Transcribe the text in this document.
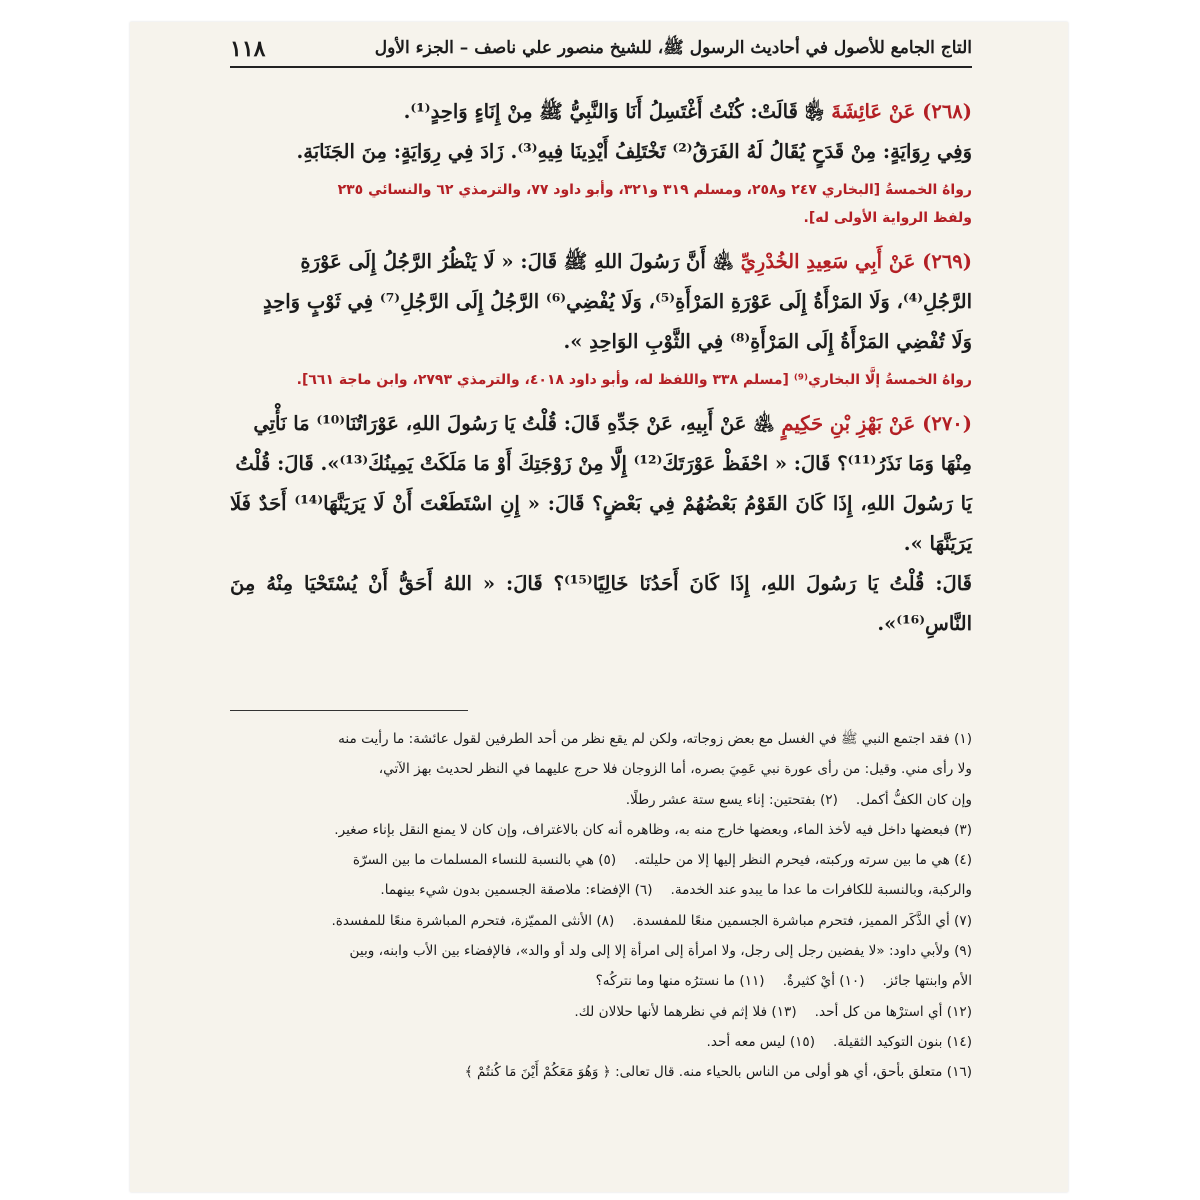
التاج الجامع للأصول في أحاديث الرسول ﷺ، للشيخ منصور علي ناصف – الجزء الأول
١١٨

(٢٦٨) عَنْ عَائِشَةَ ﵂ قَالَتْ: كُنْتُ أَغْتَسِلُ أَنَا وَالنَّبِيُّ ﷺ مِنْ إِنَاءٍ وَاحِدٍ⁽¹⁾.

وَفِي رِوَايَةٍ: مِنْ قَدَحٍ يُقَالُ لَهُ الفَرَقُ⁽²⁾ تَخْتَلِفُ أَيْدِينَا فِيهِ⁽³⁾. زَادَ فِي رِوَايَةٍ: مِنَ الجَنَابَةِ.

رواهُ الخمسةُ [البخاري ٢٤٧ و٢٥٨، ومسلم ٣١٩ و٣٢١، وأبو داود ٧٧، والترمذي ٦٢ والنسائي ٢٣٥
ولفظ الرواية الأولى له].

(٢٦٩) عَنْ أَبِي سَعِيدِ الخُدْرِيِّ ﵁ أَنَّ رَسُولَ اللهِ ﷺ قَالَ: « لَا يَنْظُرُ الرَّجُلُ إِلَى عَوْرَةِ

الرَّجُلِ⁽⁴⁾، وَلَا المَرْأَةُ إِلَى عَوْرَةِ المَرْأَةِ⁽⁵⁾، وَلَا يُفْضِي⁽⁶⁾ الرَّجُلُ إِلَى الرَّجُلِ⁽⁷⁾ فِي ثَوْبٍ وَاحِدٍ

وَلَا تُفْضِي المَرْأَةُ إِلَى المَرْأَةِ⁽⁸⁾ فِي الثَّوْبِ الوَاحِدِ ».

رواهُ الخمسةُ إلَّا البخاري⁽⁹⁾ [مسلم ٣٣٨ واللفظ له، وأبو داود ٤٠١٨، والترمذي ٢٧٩٣، وابن ماجة ٦٦١].

(٢٧٠) عَنْ بَهْزِ بْنِ حَكِيمٍ ﵁ عَنْ أَبِيهِ، عَنْ جَدِّهِ قَالَ: قُلْتُ يَا رَسُولَ اللهِ، عَوْرَاتُنَا⁽¹⁰⁾ مَا نَأْتِي

مِنْهَا وَمَا نَذَرُ⁽¹¹⁾؟ قَالَ: « احْفَظْ عَوْرَتَكَ⁽¹²⁾ إِلَّا مِنْ زَوْجَتِكَ أَوْ مَا مَلَكَتْ يَمِينُكَ⁽¹³⁾». قَالَ: قُلْتُ

يَا رَسُولَ اللهِ، إِذَا كَانَ القَوْمُ بَعْضُهُمْ فِي بَعْضٍ؟ قَالَ: « إِنِ اسْتَطَعْتَ أَنْ لَا يَرَيَنَّهَا⁽¹⁴⁾ أَحَدٌ فَلَا يَرَيَنَّهَا ».

قَالَ: قُلْتُ يَا رَسُولَ اللهِ، إِذَا كَانَ أَحَدُنَا خَالِيًا⁽¹⁵⁾؟ قَالَ: « اللهُ أَحَقُّ أَنْ يُسْتَحْيَا مِنْهُ مِنَ النَّاسِ⁽¹⁶⁾».

(١) فقد اجتمع النبي ﷺ في الغسل مع بعض زوجاته، ولكن لم يقع نظر من أحد الطرفين لقول عائشة: ما رأيت منه
ولا رأى مني. وقيل: من رأى عورة نبي عَمِيَ بصره، أما الزوجان فلا حرج عليهما في النظر لحديث بهز الآتي،
وإن كان الكفُّ أكمل.(٢) بفتحتين: إناء يسع ستة عشر رطلًا.
(٣) فبعضها داخل فيه لأخذ الماء، وبعضها خارج منه به، وظاهره أنه كان بالاغتراف، وإن كان لا يمنع النقل بإناء صغير.
(٤) هي ما بين سرته وركبته، فيحرم النظر إليها إلا من حليلته.(٥) هي بالنسبة للنساء المسلمات ما بين السرّة
والركبة، وبالنسبة للكافرات ما عدا ما يبدو عند الخدمة.(٦) الإفضاء: ملاصقة الجسمين بدون شيء بينهما.
(٧) أي الذَّكَر المميز، فتحرم مباشرة الجسمين منعًا للمفسدة.(٨) الأنثى المميّزة، فتحرم المباشرة منعًا للمفسدة.
(٩) ولأبي داود: «لا يفضين رجل إلى رجل، ولا امرأة إلى امرأة إلا إلى ولد أو والد»، فالإفضاء بين الأب وابنه، وبين
الأم وابنتها جائز.(١٠) أيْ كثيرةٌ.(١١) ما نسترُه منها وما نتركُه؟
(١٢) أي استرْها من كل أحد.(١٣) فلا إثم في نظرهما لأنها حلالان لك.
(١٤) بنون التوكيد الثقيلة.(١٥) ليس معه أحد.
(١٦) متعلق بأحق، أي هو أولى من الناس بالحياء منه. قال تعالى: ﴿ وَهُوَ مَعَكُمْ أَيْنَ مَا كُنتُمْ ﴾
